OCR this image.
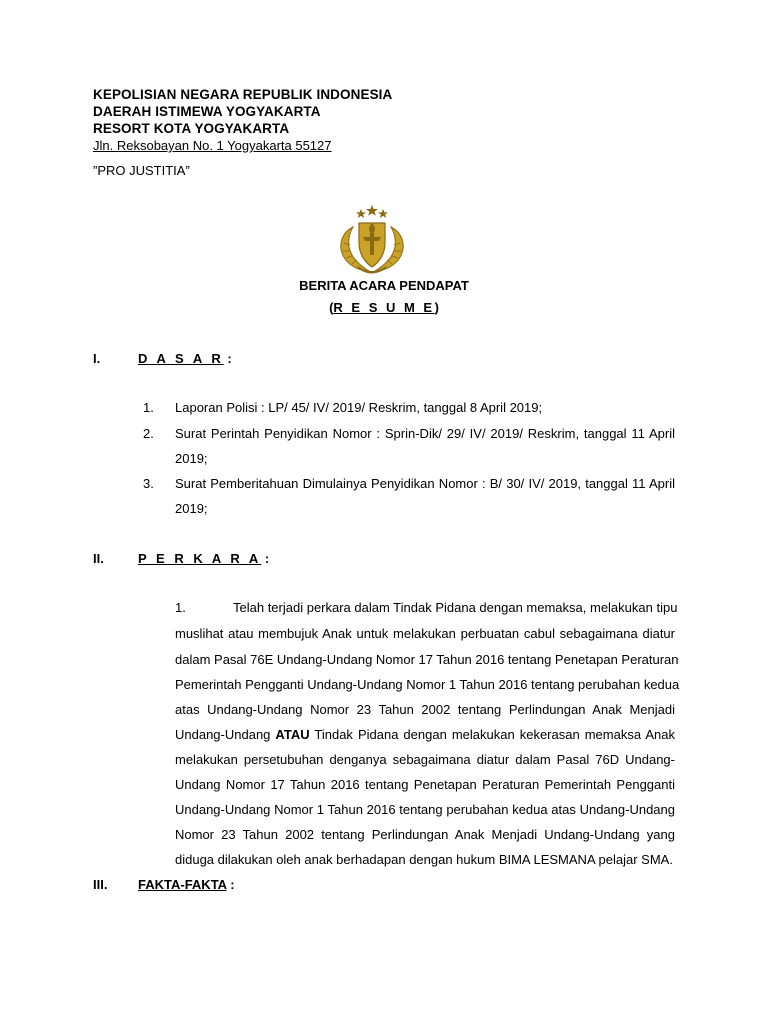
KEPOLISIAN NEGARA REPUBLIK INDONESIA
DAERAH ISTIMEWA YOGYAKARTA
RESORT KOTA YOGYAKARTA
Jln. Reksobayan No. 1 Yogyakarta 55127
”PRO JUSTITIA”
BERITA ACARA PENDAPAT
(R E S U M E)
I.	D A S A R :
1. Laporan Polisi : LP/ 45/ IV/ 2019/ Reskrim, tanggal 8 April 2019;
2. Surat Perintah Penyidikan Nomor : Sprin-Dik/ 29/ IV/ 2019/ Reskrim, tanggal 11 April
2019;
3. Surat Pemberitahuan Dimulainya Penyidikan Nomor : B/ 30/ IV/ 2019, tanggal 11 April
2019;
II.	P E R K A R A :
1.	Telah terjadi perkara dalam Tindak Pidana dengan memaksa, melakukan tipu
muslihat atau membujuk Anak untuk melakukan perbuatan cabul sebagaimana diatur
dalam Pasal 76E Undang-Undang Nomor 17 Tahun 2016 tentang Penetapan Peraturan
Pemerintah Pengganti Undang-Undang Nomor 1 Tahun 2016 tentang perubahan kedua
atas Undang-Undang Nomor 23 Tahun 2002 tentang Perlindungan Anak Menjadi
Undang-Undang ATAU Tindak Pidana dengan melakukan kekerasan memaksa Anak
melakukan persetubuhan denganya sebagaimana diatur dalam Pasal 76D Undang-
Undang Nomor 17 Tahun 2016 tentang Penetapan Peraturan Pemerintah Pengganti
Undang-Undang Nomor 1 Tahun 2016 tentang perubahan kedua atas Undang-Undang
Nomor 23 Tahun 2002 tentang Perlindungan Anak Menjadi Undang-Undang yang
diduga dilakukan oleh anak berhadapan dengan hukum BIMA LESMANA pelajar SMA.
III. FAKTA-FAKTA :
